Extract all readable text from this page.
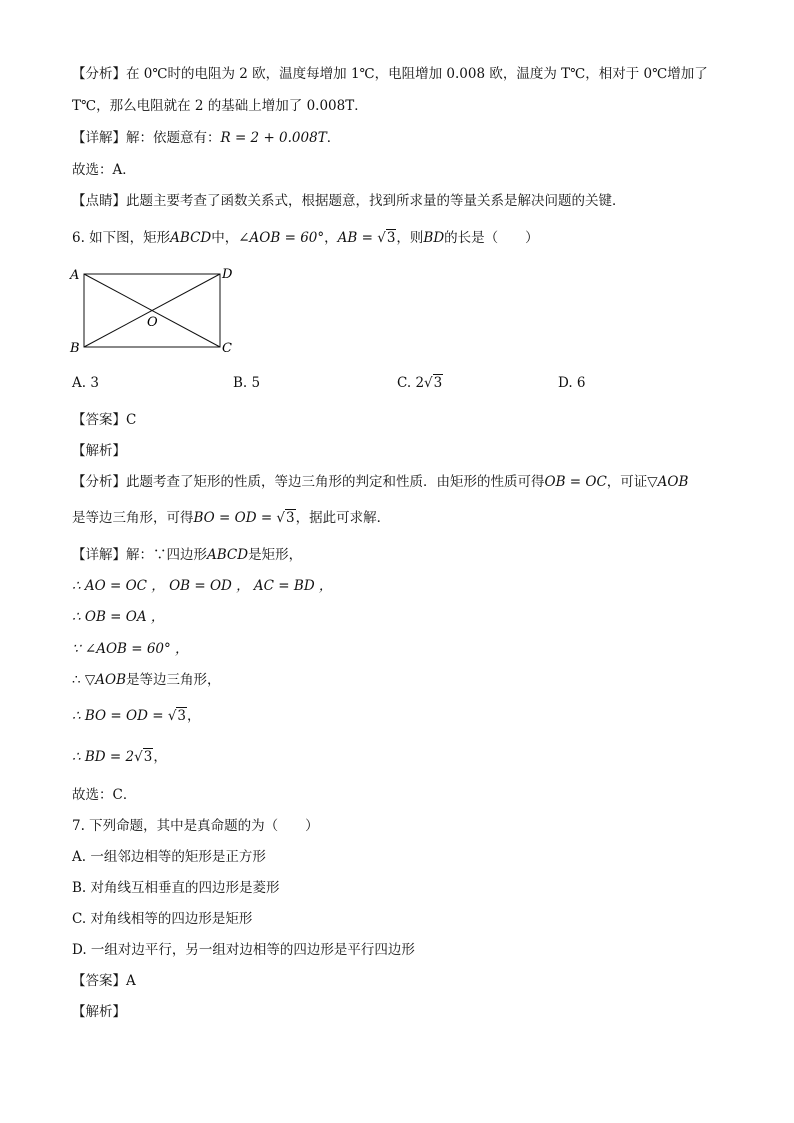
【分析】在 0℃时的电阻为 2 欧，温度每增加 1℃，电阻增加 0.008 欧，温度为 T℃，相对于 0℃增加了
T℃，那么电阻就在 2 的基础上增加了 0.008T．
【详解】解：依题意有：R = 2 + 0.008T．
故选：A．
【点睛】此题主要考查了函数关系式，根据题意，找到所求量的等量关系是解决问题的关键．
6. 如下图，矩形ABCD中，∠AOB = 60°，AB = √3，则BD的长是（　　）
A	D
O
B	C
A. 3	B. 5	C. 2√3	D. 6
【答案】C
【解析】
【分析】此题考查了矩形的性质，等边三角形的判定和性质．由矩形的性质可得OB = OC，可证▽AOB
是等边三角形，可得BO = OD = √3，据此可求解．
【详解】解：∵四边形ABCD是矩形，
∴ AO = OC ， OB = OD ， AC = BD ，
∴ OB = OA ，
∵ ∠AOB = 60° ，
∴ ▽AOB是等边三角形，
∴ BO = OD = √3，
∴ BD = 2√3，
故选：C．
7. 下列命题，其中是真命题的为（　　）
A. 一组邻边相等的矩形是正方形
B. 对角线互相垂直的四边形是菱形
C. 对角线相等的四边形是矩形
D. 一组对边平行，另一组对边相等的四边形是平行四边形
【答案】A
【解析】
